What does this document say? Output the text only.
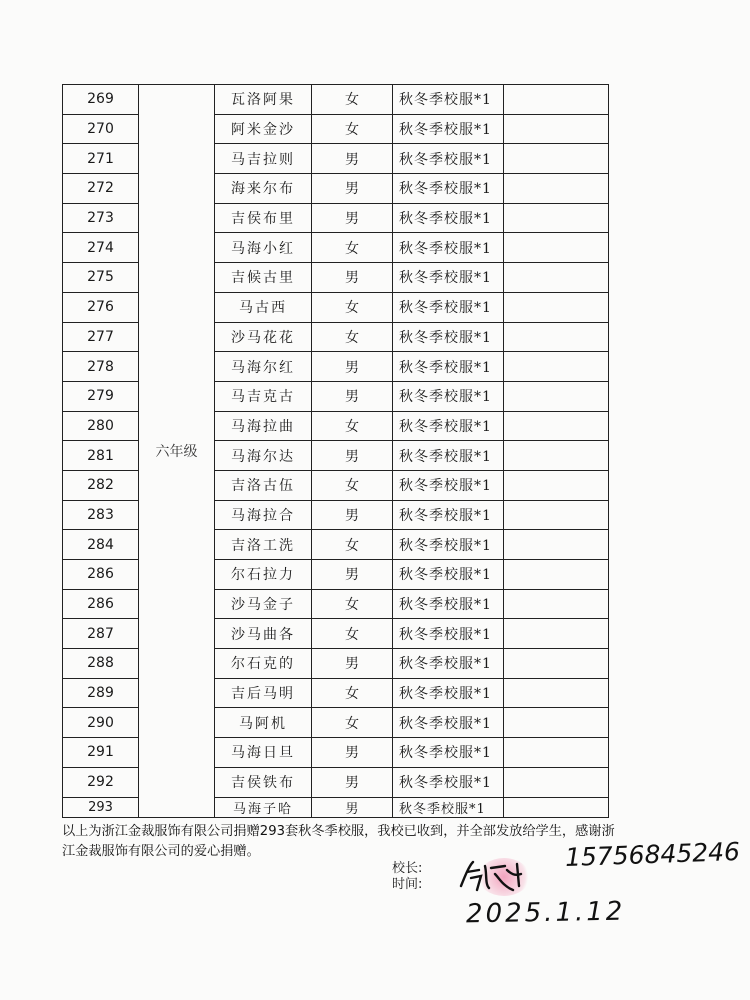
269	六年级	瓦洛阿果	女	秋冬季校服*1	
270		阿米金沙	女	秋冬季校服*1	
271		马吉拉则	男	秋冬季校服*1	
272		海来尔布	男	秋冬季校服*1	
273		吉侯布里	男	秋冬季校服*1	
274		马海小红	女	秋冬季校服*1	
275		吉候古里	男	秋冬季校服*1	
276		马古西	女	秋冬季校服*1	
277		沙马花花	女	秋冬季校服*1	
278		马海尔红	男	秋冬季校服*1	
279		马吉克古	男	秋冬季校服*1	
280		马海拉曲	女	秋冬季校服*1	
281		马海尔达	男	秋冬季校服*1	
282		吉洛古伍	女	秋冬季校服*1	
283		马海拉合	男	秋冬季校服*1	
284		吉洛工洗	女	秋冬季校服*1	
286		尔石拉力	男	秋冬季校服*1	
286		沙马金子	女	秋冬季校服*1	
287		沙马曲各	女	秋冬季校服*1	
288		尔石克的	男	秋冬季校服*1	
289		吉后马明	女	秋冬季校服*1	
290		马阿机	女	秋冬季校服*1	
291		马海日旦	男	秋冬季校服*1	
292		吉侯铁布	男	秋冬季校服*1	
293		马海子哈	男	秋冬季校服*1	
以上为浙江金裁服饰有限公司捐赠293套秋冬季校服，我校已收到，并全部发放给学生，感谢浙江金裁服饰有限公司的爱心捐赠。
校长:
时间:
15756845246
2025.1.12
